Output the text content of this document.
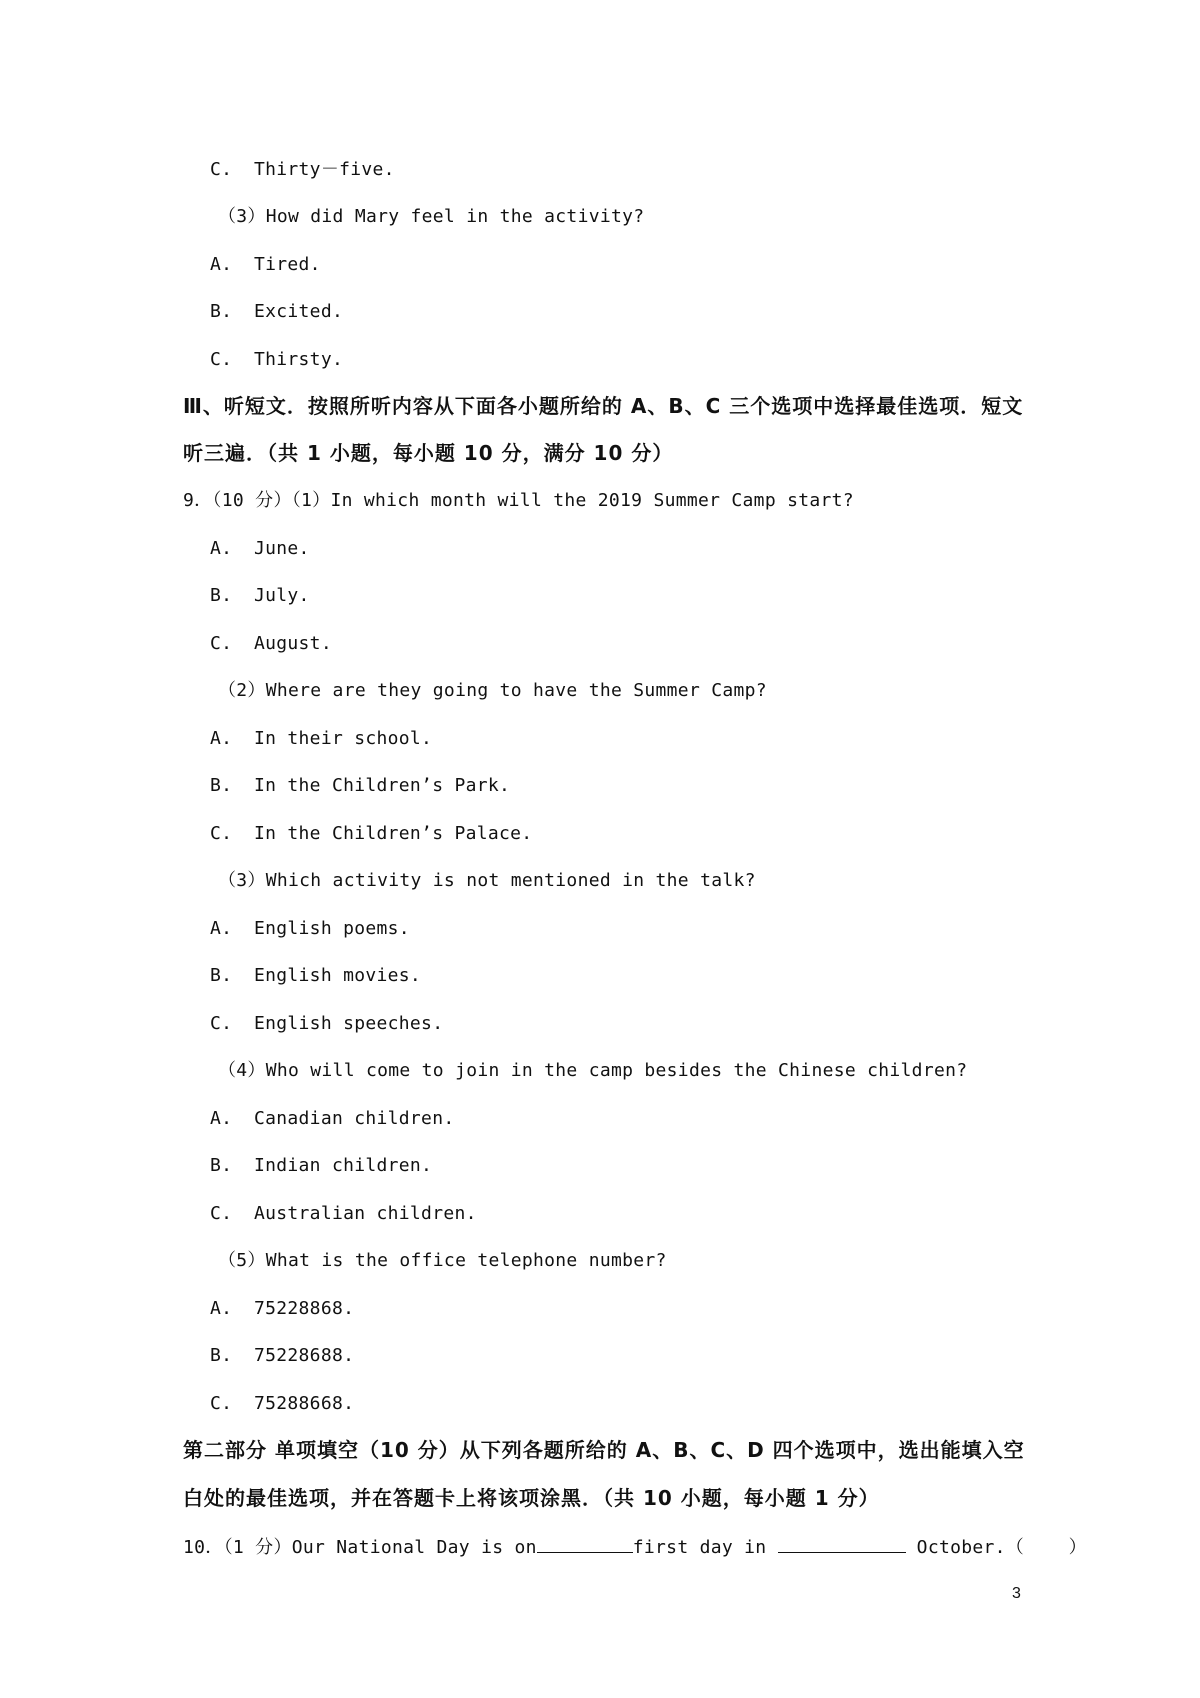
C. Thirty－five.
（3）How did Mary feel in the activity?
A. Tired.
B. Excited.
C. Thirsty.
Ⅲ、听短文．按照所听内容从下面各小题所给的 A、B、C 三个选项中选择最佳选项．短文
听三遍．（共 1 小题，每小题 10 分，满分 10 分）
9．（10 分）（1）In which month will the 2019 Summer Camp start?
A. June.
B. July.
C. August.
（2）Where are they going to have the Summer Camp?
A. In their school.
B. In the Children’s Park.
C. In the Children’s Palace.
（3）Which activity is not mentioned in the talk?
A. English poems.
B. English movies.
C. English speeches.
（4）Who will come to join in the camp besides the Chinese children?
A. Canadian children.
B. Indian children.
C. Australian children.
（5）What is the office telephone number?
A. 75228868.
B. 75228688.
C. 75288668.
第二部分 单项填空（10 分）从下列各题所给的 A、B、C、D 四个选项中，选出能填入空
白处的最佳选项，并在答题卡上将该项涂黑．（共 10 小题，每小题 1 分）
10．（1 分）Our National Day is on	first day in	October.（    ）
3
